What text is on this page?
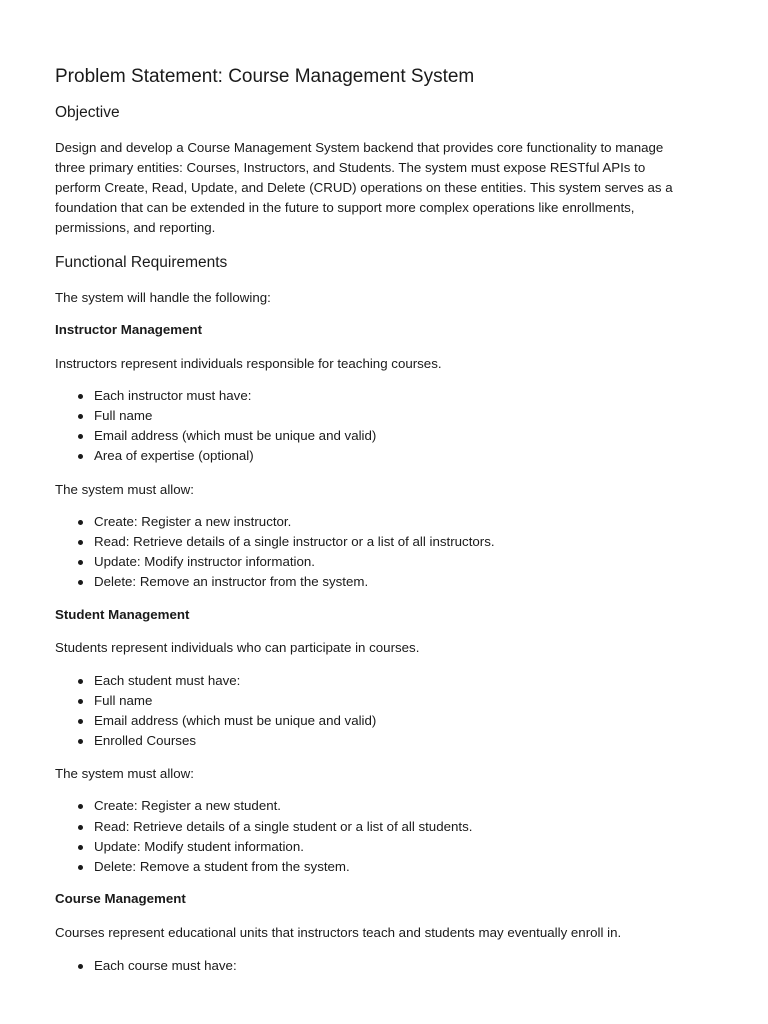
Problem Statement: Course Management System
Objective
Design and develop a Course Management System backend that provides core functionality to manage
three primary entities: Courses, Instructors, and Students. The system must expose RESTful APIs to
perform Create, Read, Update, and Delete (CRUD) operations on these entities. This system serves as a
foundation that can be extended in the future to support more complex operations like enrollments,
permissions, and reporting.
Functional Requirements

The system will handle the following:

Instructor Management

Instructors represent individuals responsible for teaching courses.

Each instructor must have:
Full name
Email address (which must be unique and valid)
Area of expertise (optional)

The system must allow:

Create: Register a new instructor.
Read: Retrieve details of a single instructor or a list of all instructors.
Update: Modify instructor information.
Delete: Remove an instructor from the system.

Student Management

Students represent individuals who can participate in courses.

Each student must have:
Full name
Email address (which must be unique and valid)
Enrolled Courses

The system must allow:

Create: Register a new student.
Read: Retrieve details of a single student or a list of all students.
Update: Modify student information.
Delete: Remove a student from the system.

Course Management

Courses represent educational units that instructors teach and students may eventually enroll in.

Each course must have:
